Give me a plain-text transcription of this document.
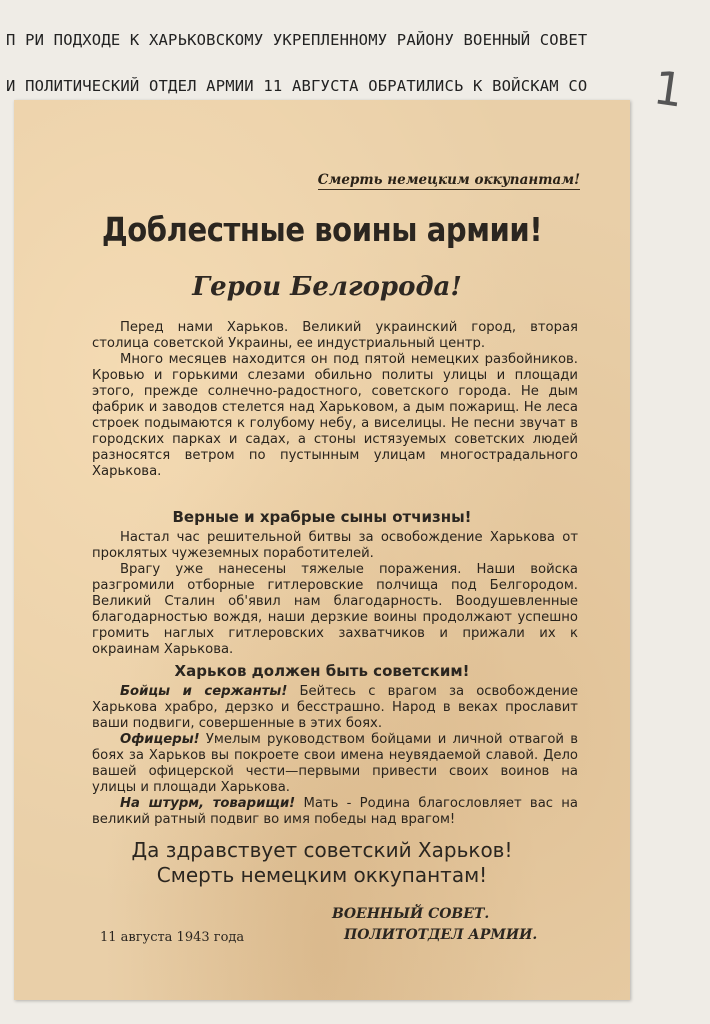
П РИ ПОДХОДЕ К ХАРЬКОВСКОМУ УКРЕПЛЕННОМУ РАЙОНУ ВОЕННЫЙ СОВЕТ

И ПОЛИТИЧЕСКИЙ ОТДЕЛ АРМИИ 11 АВГУСТА ОБРАТИЛИСЬ К ВОЙСКАМ СО	1
Смерть немецким оккупантам!
Доблестные воины армии!
Герои Белгорода!

Перед нами Харьков. Великий украинский город, вторая столица советской Украины, ее индустриальный центр.

Много месяцев находится он под пятой немецких разбойников. Кровью и горькими слезами обильно политы улицы и площади этого, прежде солнечно-радостного, советского города. Не дым фабрик и заводов стелется над Харьковом, а дым пожарищ. Не леса строек подымаются к голубому небу, а виселицы. Не песни звучат в городских парках и садах, а стоны истязуемых советских людей разносятся ветром по пустынным улицам многострадального Харькова.

Верные и храбрые сыны отчизны!

Настал час решительной битвы за освобождение Харькова от проклятых чужеземных поработителей.

Врагу уже нанесены тяжелые поражения. Наши войска разгромили отборные гитлеровские полчища под Белгородом. Великий Сталин об'явил нам благодарность. Воодушевленные благодарностью вождя, наши дерзкие воины продолжают успешно громить наглых гитлеровских захватчиков и прижали их к окраинам Харькова.

Харьков должен быть советским!

Бойцы и сержанты! Бейтесь с врагом за освобождение Харькова храбро, дерзко и бесстрашно. Народ в веках прославит ваши подвиги, совершенные в этих боях.

Офицеры! Умелым руководством бойцами и личной отвагой в боях за Харьков вы покроете свои имена неувядаемой славой. Дело вашей офицерской чести—первыми привести своих воинов на улицы и площади Харькова.

На штурм, товарищи! Мать - Родина благословляет вас на великий ратный подвиг во имя победы над врагом!

Да здравствует советский Харьков!
Смерть немецким оккупантам!
11 августа 1943 года
ВОЕННЫЙ СОВЕТ.
ПОЛИТОТДЕЛ АРМИИ.
